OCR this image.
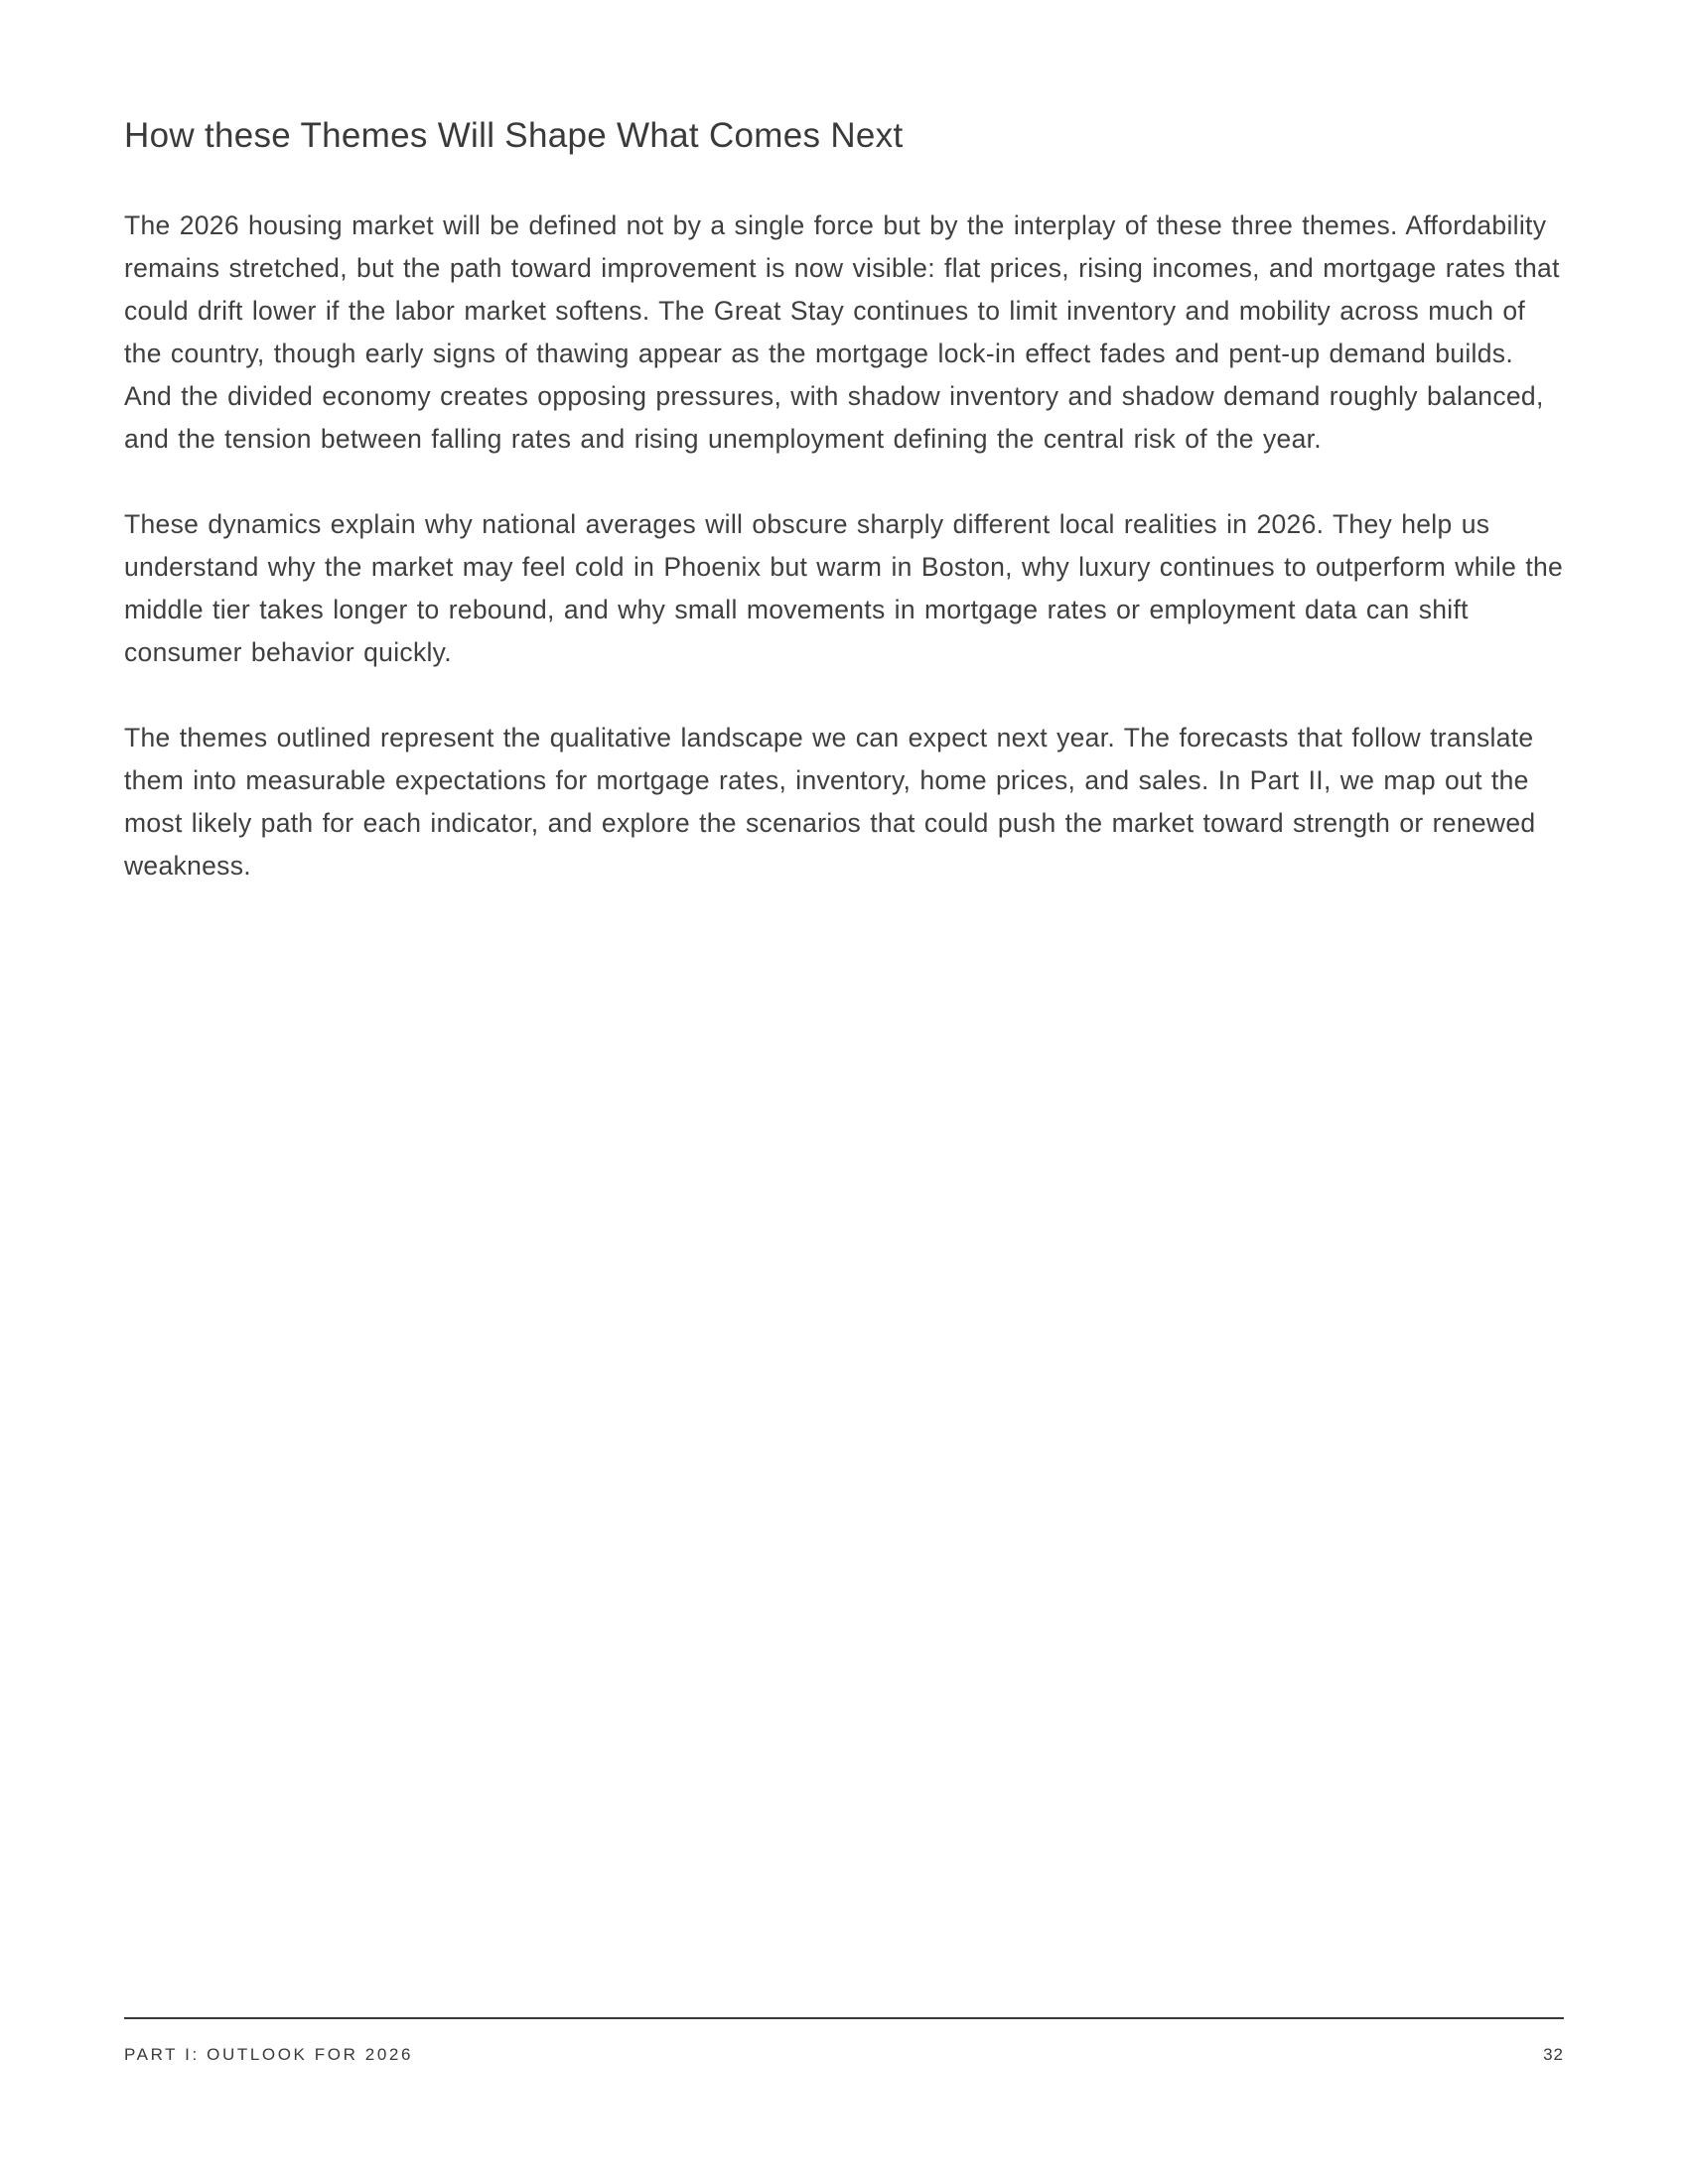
How these Themes Will Shape What Comes Next

The 2026 housing market will be defined not by a single force but by the interplay of these three themes. Affordability remains stretched, but the path toward improvement is now visible: flat prices, rising incomes, and mortgage rates that could drift lower if the labor market softens. The Great Stay continues to limit inventory and mobility across much of the country, though early signs of thawing appear as the mortgage lock-in effect fades and pent-up demand builds. And the divided economy creates opposing pressures, with shadow inventory and shadow demand roughly balanced, and the tension between falling rates and rising unemployment defining the central risk of the year.

These dynamics explain why national averages will obscure sharply different local realities in 2026. They help us understand why the market may feel cold in Phoenix but warm in Boston, why luxury continues to outperform while the middle tier takes longer to rebound, and why small movements in mortgage rates or employment data can shift consumer behavior quickly.

The themes outlined represent the qualitative landscape we can expect next year. The forecasts that follow translate them into measurable expectations for mortgage rates, inventory, home prices, and sales. In Part II, we map out the most likely path for each indicator, and explore the scenarios that could push the market toward strength or renewed weakness.

PART I: OUTLOOK FOR 2026	32
